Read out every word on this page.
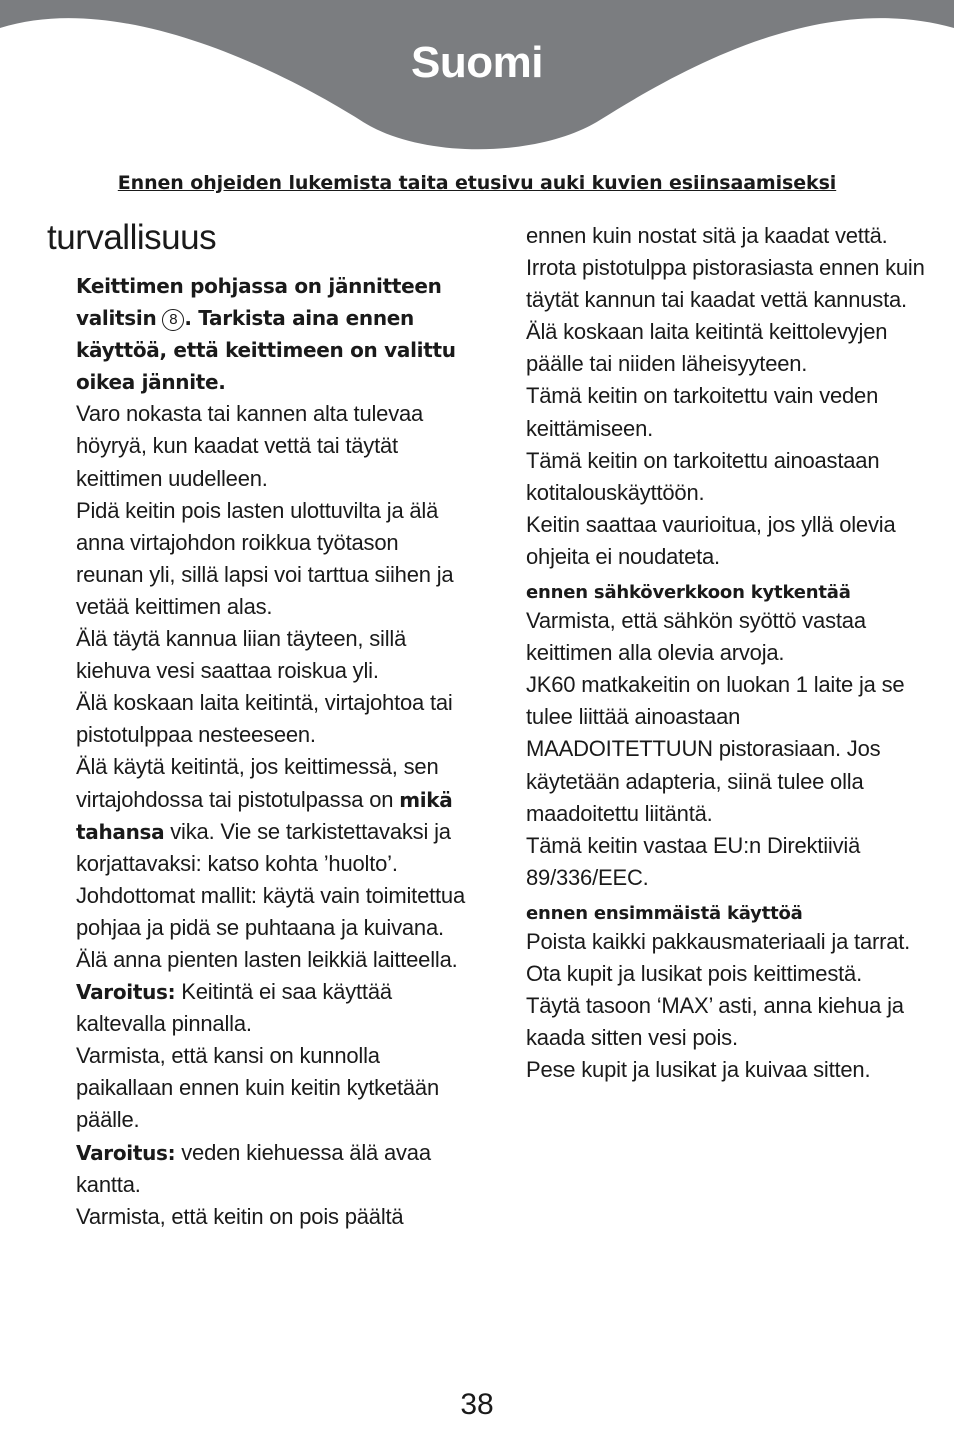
Suomi
Ennen ohjeiden lukemista taita etusivu auki kuvien esiinsaamiseksi
turvallisuus

Keittimen pohjassa on jännitteen valitsin 8 . Tarkista aina ennen käyttöä, että keittimeen on valittu oikea jännite.

Varo nokasta tai kannen alta tulevaa höyryä, kun kaadat vettä tai täytät keittimen uudelleen.

Pidä keitin pois lasten ulottuvilta ja älä anna virtajohdon roikkua työtason reunan yli, sillä lapsi voi tarttua siihen ja vetää keittimen alas.

Älä täytä kannua liian täyteen, sillä kiehuva vesi saattaa roiskua yli.

Älä koskaan laita keitintä, virtajohtoa tai pistotulppaa nesteeseen.

Älä käytä keitintä, jos keittimessä, sen virtajohdossa tai pistotulpassa on mikä tahansa vika. Vie se tarkistettavaksi ja korjattavaksi: katso kohta ’huolto’.

Johdottomat mallit: käytä vain toimitettua pohjaa ja pidä se puhtaana ja kuivana.

Älä anna pienten lasten leikkiä laitteella.

Varoitus: Keitintä ei saa käyttää kaltevalla pinnalla.

Varmista, että kansi on kunnolla paikallaan ennen kuin keitin kytketään päälle.

Varoitus: veden kiehuessa älä avaa kantta.

Varmista, että keitin on pois päältä

ennen kuin nostat sitä ja kaadat vettä.

Irrota pistotulppa pistorasiasta ennen kuin täytät kannun tai kaadat vettä kannusta.

Älä koskaan laita keitintä keittolevyjen päälle tai niiden läheisyyteen.

Tämä keitin on tarkoitettu vain veden keittämiseen.

Tämä keitin on tarkoitettu ainoastaan kotitalouskäyttöön.

Keitin saattaa vaurioitua, jos yllä olevia ohjeita ei noudateta.

ennen sähköverkkoon kytkentää

Varmista, että sähkön syöttö vastaa keittimen alla olevia arvoja.

JK60 matkakeitin on luokan 1 laite ja se tulee liittää ainoastaan MAADOITETTUUN pistorasiaan. Jos käytetään adapteria, siinä tulee olla maadoitettu liitäntä.

Tämä keitin vastaa EU:n Direktiiviä 89/336/EEC.

ennen ensimmäistä käyttöä

Poista kaikki pakkausmateriaali ja tarrat.

Ota kupit ja lusikat pois keittimestä.

Täytä tasoon ‘MAX’ asti, anna kiehua ja kaada sitten vesi pois.

Pese kupit ja lusikat ja kuivaa sitten.

38
